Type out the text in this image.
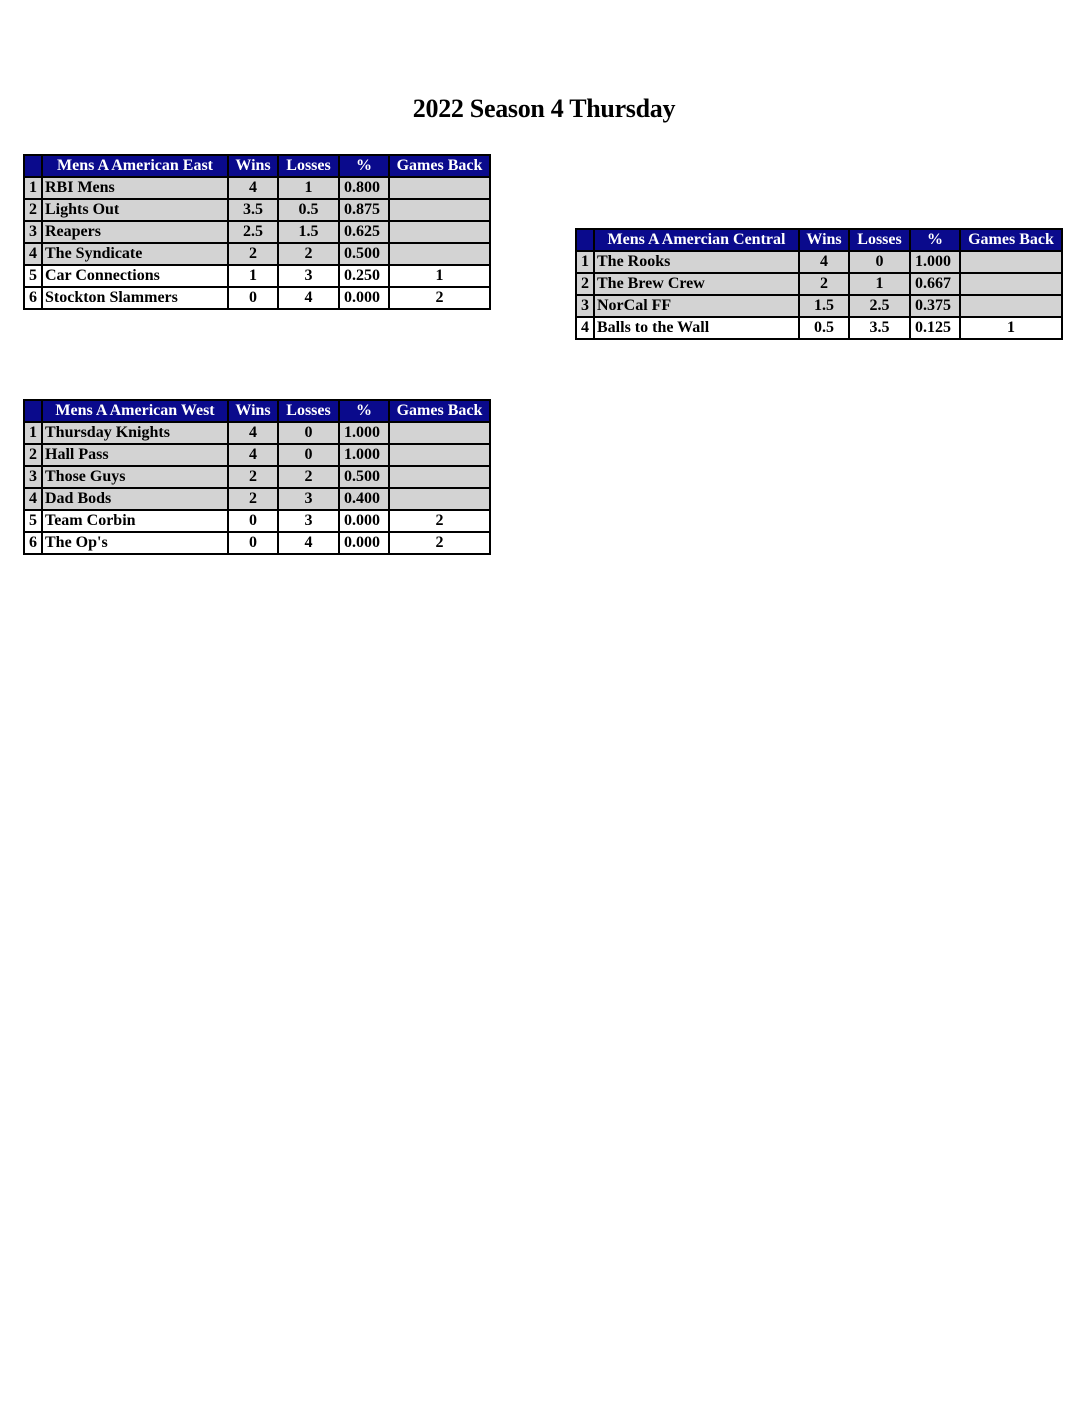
2022 Season 4 Thursday
	Mens A American East	Wins	Losses	%	Games Back
1	RBI Mens	4	1	0.800	
2	Lights Out	3.5	0.5	0.875	
3	Reapers	2.5	1.5	0.625	
4	The Syndicate	2	2	0.500	
5	Car Connections	1	3	0.250	1
6	Stockton Slammers	0	4	0.000	2
	Mens A Amercian Central	Wins	Losses	%	Games Back
1	The Rooks	4	0	1.000	
2	The Brew Crew	2	1	0.667	
3	NorCal FF	1.5	2.5	0.375	
4	Balls to the Wall	0.5	3.5	0.125	1
	Mens A American West	Wins	Losses	%	Games Back
1	Thursday Knights	4	0	1.000	
2	Hall Pass	4	0	1.000	
3	Those Guys	2	2	0.500	
4	Dad Bods	2	3	0.400	
5	Team Corbin	0	3	0.000	2
6	The Op's	0	4	0.000	2
